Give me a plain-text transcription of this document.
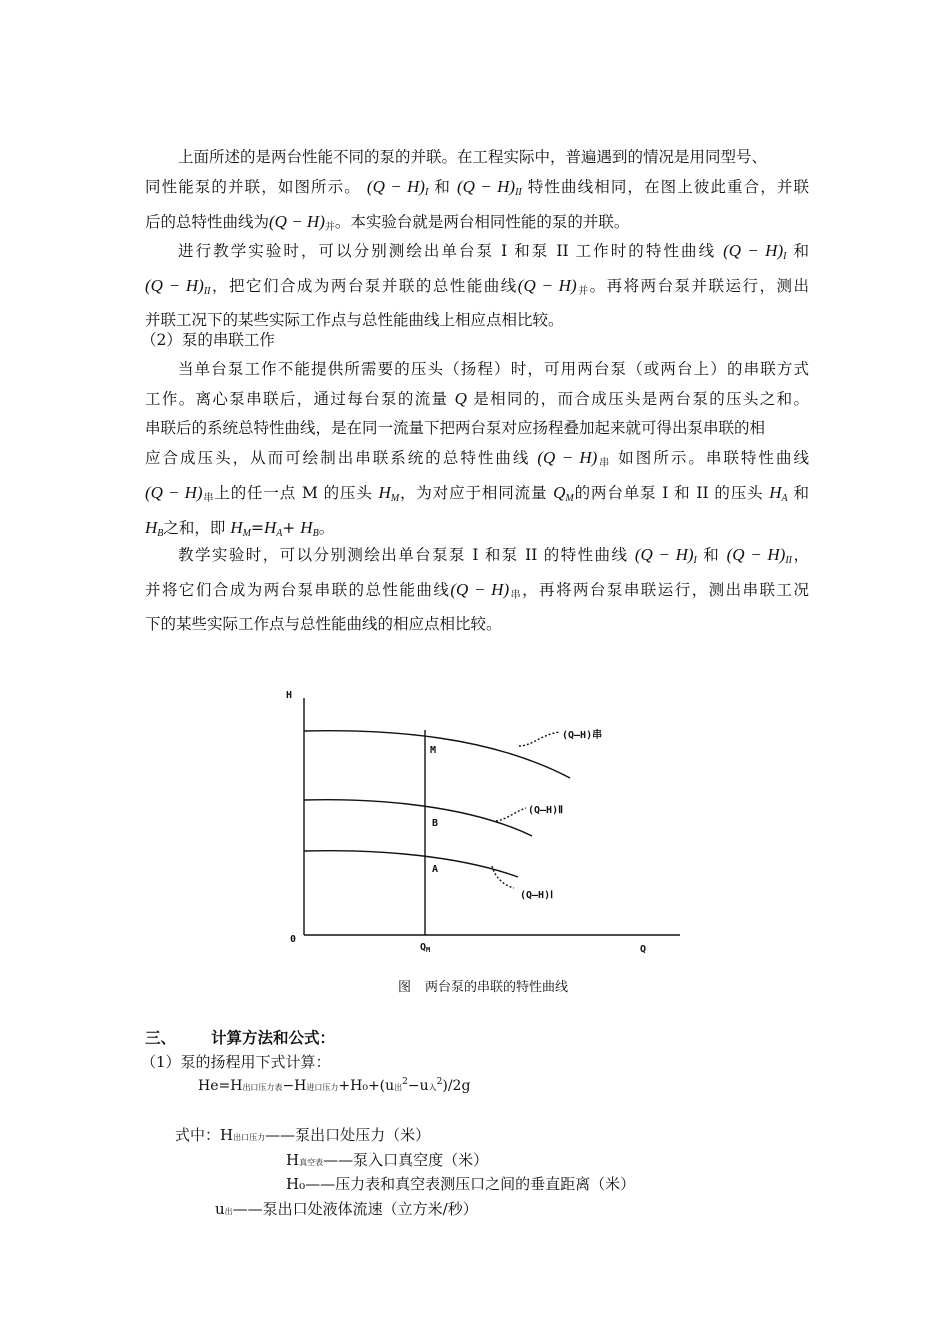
上面所述的是两台性能不同的泵的并联。在工程实际中，普遍遇到的情况是用同型号、
同性能泵的并联，如图所示。 $(Q - H)_I$ 和 $(Q - H)_{II}$ 特性曲线相同，在图上彼此重合，并联
后的总特性曲线为$(Q - H)_并$。本实验台就是两台相同性能的泵的并联。
进行教学实验时，可以分别测绘出单台泵 I 和泵 II 工作时的特性曲线 $(Q - H)_I$ 和
$(Q - H)_{II}$，把它们合成为两台泵并联的总性能曲线$(Q - H)_并$。再将两台泵并联运行，测出
并联工况下的某些实际工作点与总性能曲线上相应点相比较。
（2）泵的串联工作
当单台泵工作不能提供所需要的压头（扬程）时，可用两台泵（或两台上）的串联方式
工作。离心泵串联后，通过每台泵的流量 Q 是相同的，而合成压头是两台泵的压头之和。
串联后的系统总特性曲线，是在同一流量下把两台泵对应扬程叠加起来就可得出泵串联的相
应合成压头，从而可绘制出串联系统的总特性曲线 $(Q - H)_串$ 如图所示。串联特性曲线
$(Q - H)_串$上的任一点 M 的压头 $H_M$，为对应于相同流量 $Q_M$的两台单泵 I 和 II 的压头 $H_A$ 和
$H_B$之和，即 $H_M=H_A+ H_B$。
教学实验时，可以分别测绘出单台泵泵 I 和泵 II 的特性曲线 $(Q - H)_I$ 和 $(Q - H)_{II}$，
并将它们合成为两台泵串联的总性能曲线$(Q - H)_串$，再将两台泵串联运行，测出串联工况
下的某些实际工作点与总性能曲线的相应点相比较。
H
0
Q
$Q_M$
M
B
A
(Q—H)串
(Q—H)Ⅱ
(Q—H)Ⅰ
图 两台泵的串联的特性曲线
三、 计算方法和公式：
（1）泵的扬程用下式计算：
He=H出口压力表−H进口压力+H₀+(u出$^2$−u入$^2$)/2g
式中：H出口压力——泵出口处压力（米）
H真空表——泵入口真空度（米）
H₀——压力表和真空表测压口之间的垂直距离（米）
u出——泵出口处液体流速（立方米/秒）
